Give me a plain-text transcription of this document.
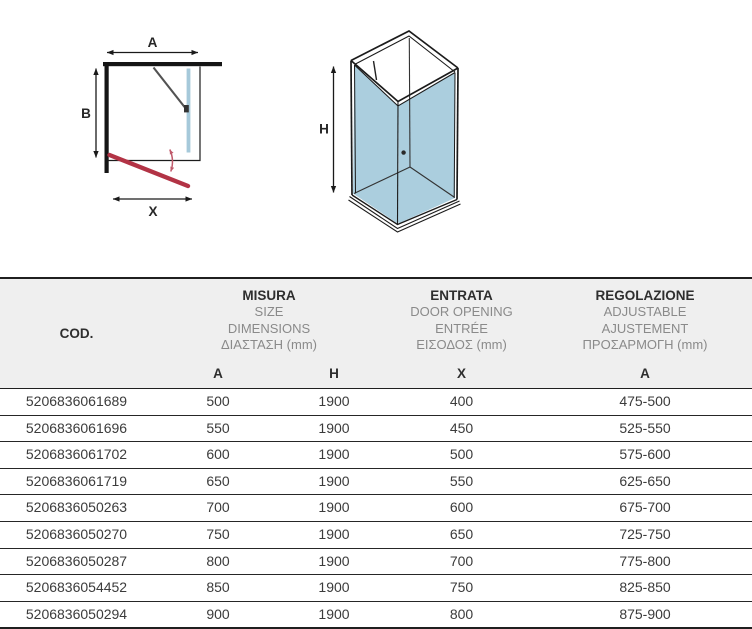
A
B
X
H
COD.	
MISURA
SIZE
DIMENSIONS
ΔΙΑΣΤΑΣΗ (mm)

ENTRATA
DOOR OPENING
ENTRÉE
ΕΙΣΟΔΟΣ (mm)

REGOLAZIONE
ADJUSTABLE
AJUSTEMENT
ΠΡΟΣΑΡΜΟΓΗ (mm)

	A	H	X	A
5206836061689	500	1900	400	475-500
5206836061696	550	1900	450	525-550
5206836061702	600	1900	500	575-600
5206836061719	650	1900	550	625-650
5206836050263	700	1900	600	675-700
5206836050270	750	1900	650	725-750
5206836050287	800	1900	700	775-800
5206836054452	850	1900	750	825-850
5206836050294	900	1900	800	875-900
